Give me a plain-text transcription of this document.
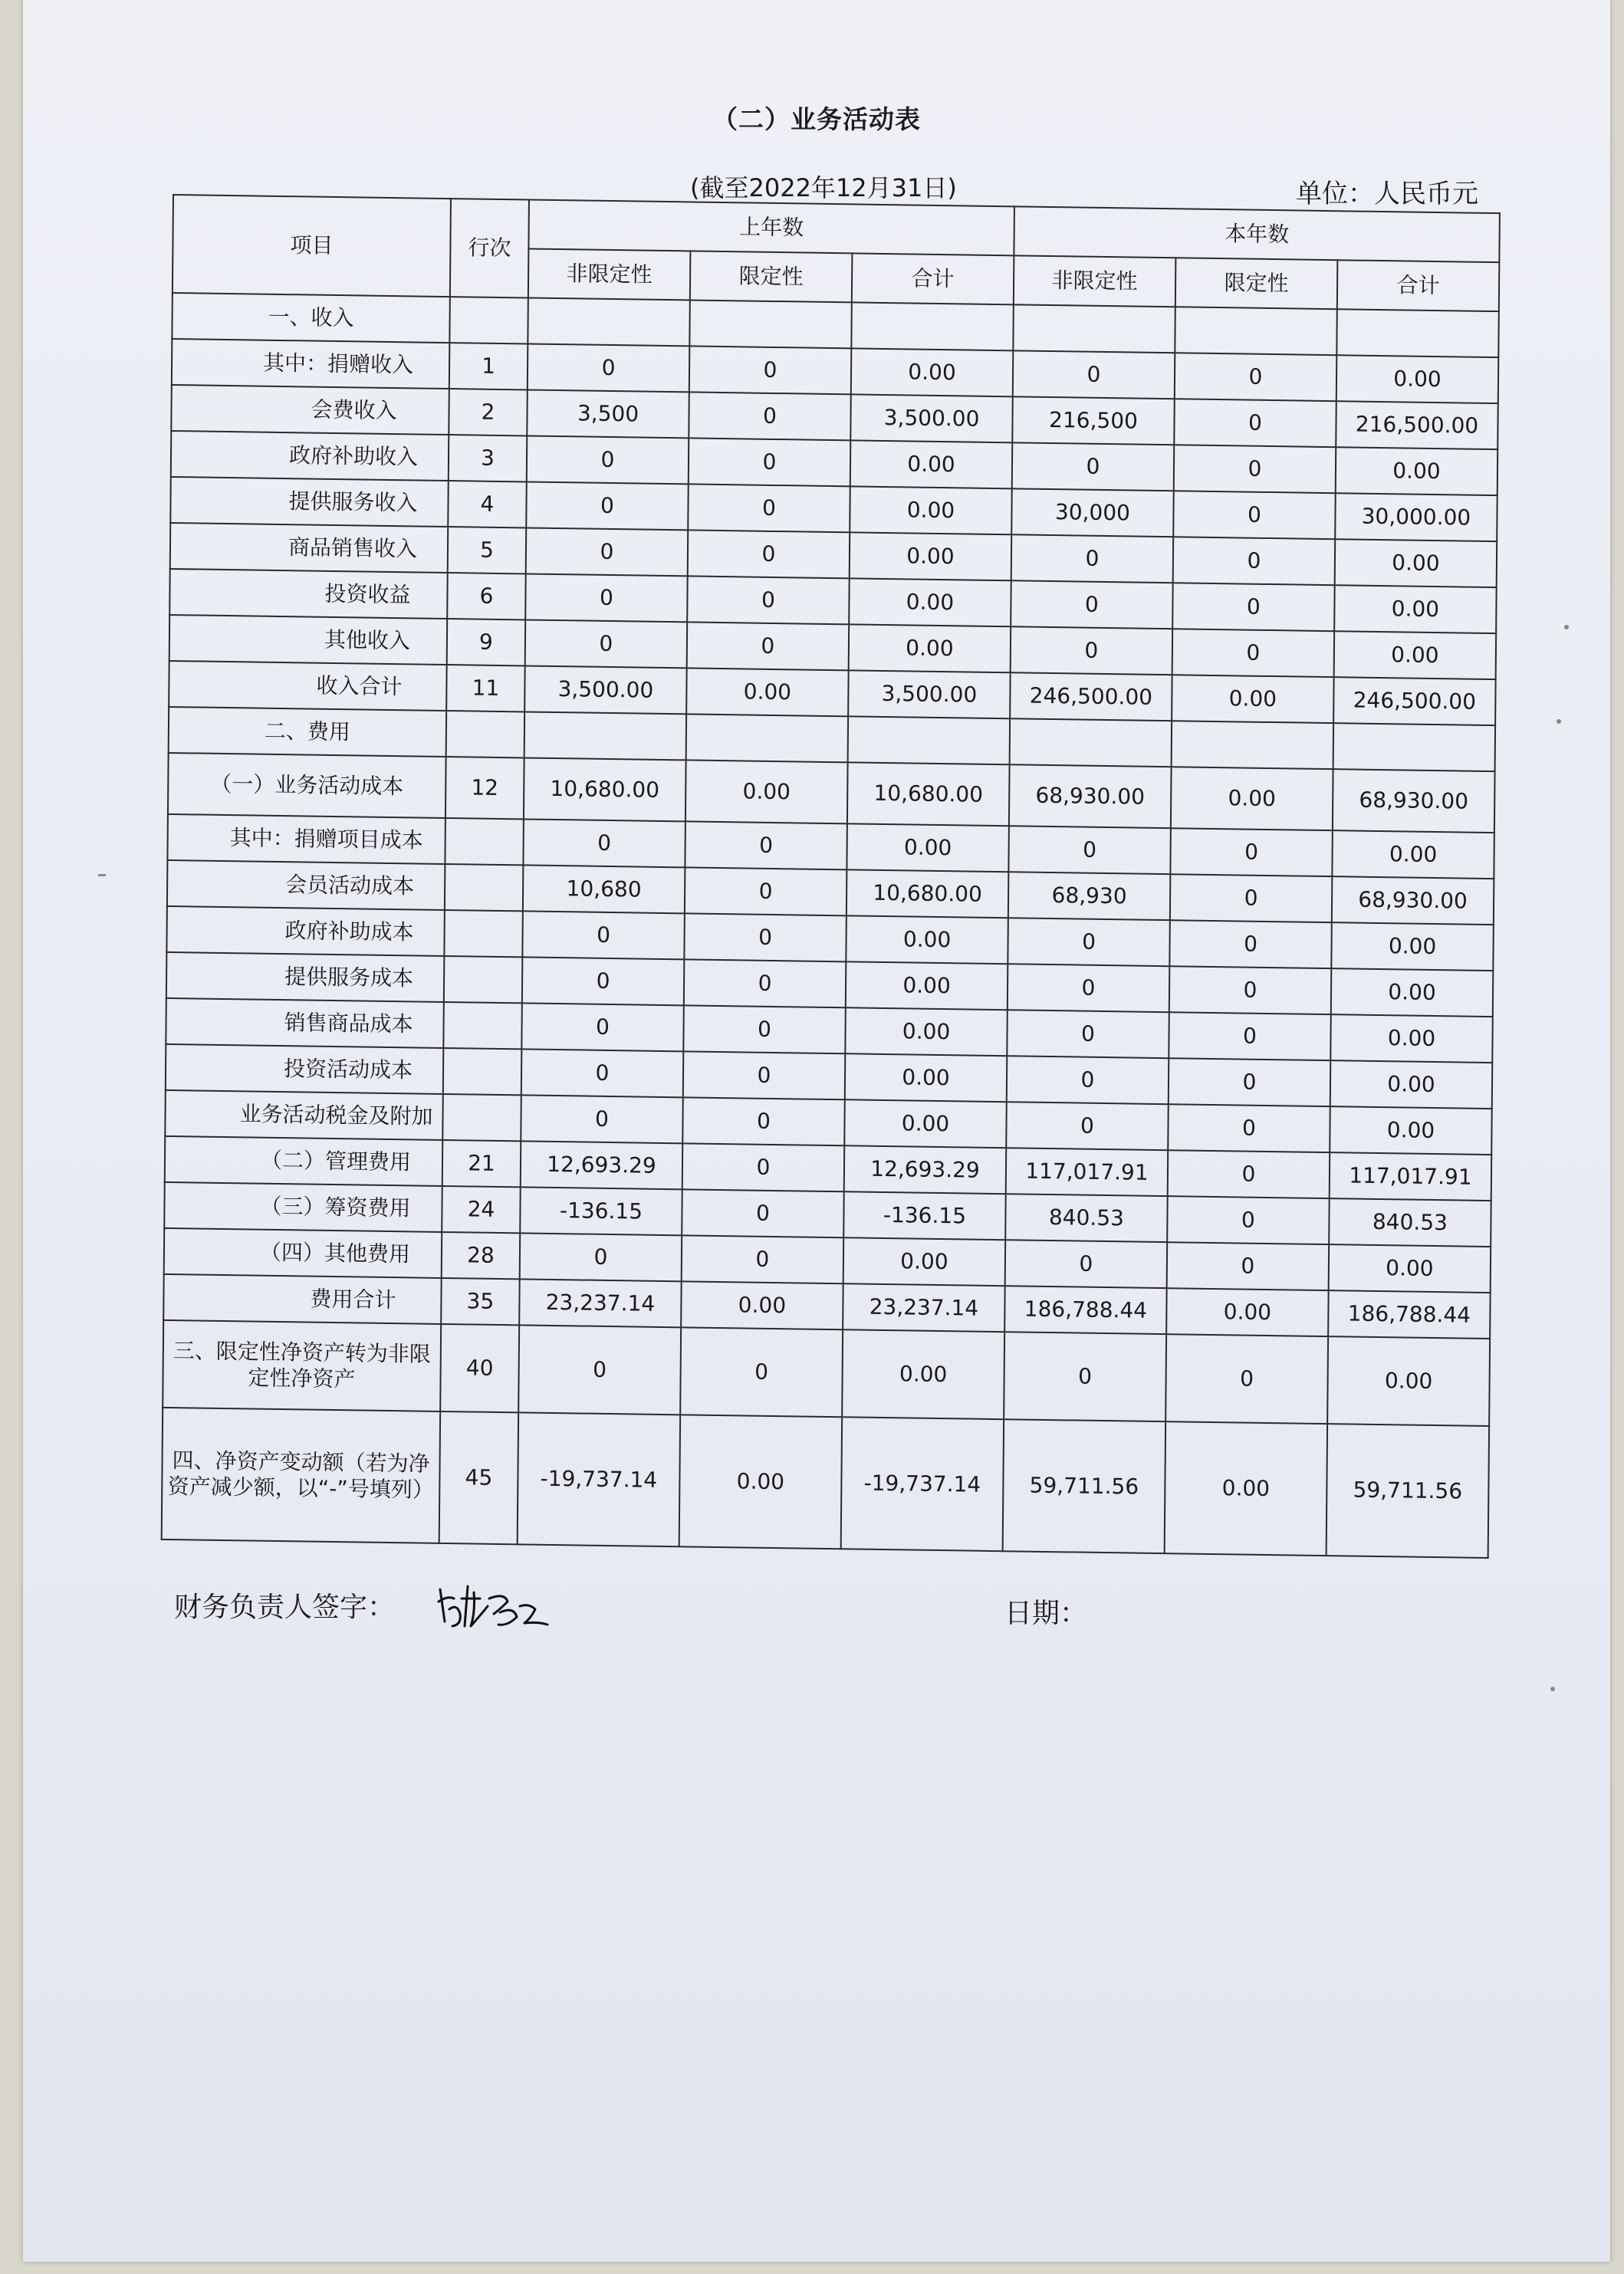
（二）业务活动表
(截至2022年12月31日)	单位：人民币元
项目	行次	上年数			本年数		
		非限定性	限定性	合计	非限定性	限定性	合计
一、收入							
其中：捐赠收入	1	0	0	0.00	0	0	0.00
会费收入	2	3,500	0	3,500.00	216,500	0	216,500.00
政府补助收入	3	0	0	0.00	0	0	0.00
提供服务收入	4	0	0	0.00	30,000	0	30,000.00
商品销售收入	5	0	0	0.00	0	0	0.00
投资收益	6	0	0	0.00	0	0	0.00
其他收入	9	0	0	0.00	0	0	0.00
收入合计	11	3,500.00	0.00	3,500.00	246,500.00	0.00	246,500.00
二、费用							
（一）业务活动成本	12	10,680.00	0.00	10,680.00	68,930.00	0.00	68,930.00
其中：捐赠项目成本		0	0	0.00	0	0	0.00
会员活动成本		10,680	0	10,680.00	68,930	0	68,930.00
政府补助成本		0	0	0.00	0	0	0.00
提供服务成本		0	0	0.00	0	0	0.00
销售商品成本		0	0	0.00	0	0	0.00
投资活动成本		0	0	0.00	0	0	0.00
业务活动税金及附加		0	0	0.00	0	0	0.00
（二）管理费用	21	12,693.29	0	12,693.29	117,017.91	0	117,017.91
（三）筹资费用	24	-136.15	0	-136.15	840.53	0	840.53
（四）其他费用	28	0	0	0.00	0	0	0.00
费用合计	35	23,237.14	0.00	23,237.14	186,788.44	0.00	186,788.44
三、限定性净资产转为非限定性净资产	40	0	0	0.00	0	0	0.00
四、净资产变动额（若为净资产减少额，以“-”号填列）	45	-19,737.14	0.00	-19,737.14	59,711.56	0.00	59,711.56
财务负责人签字：	日期：
